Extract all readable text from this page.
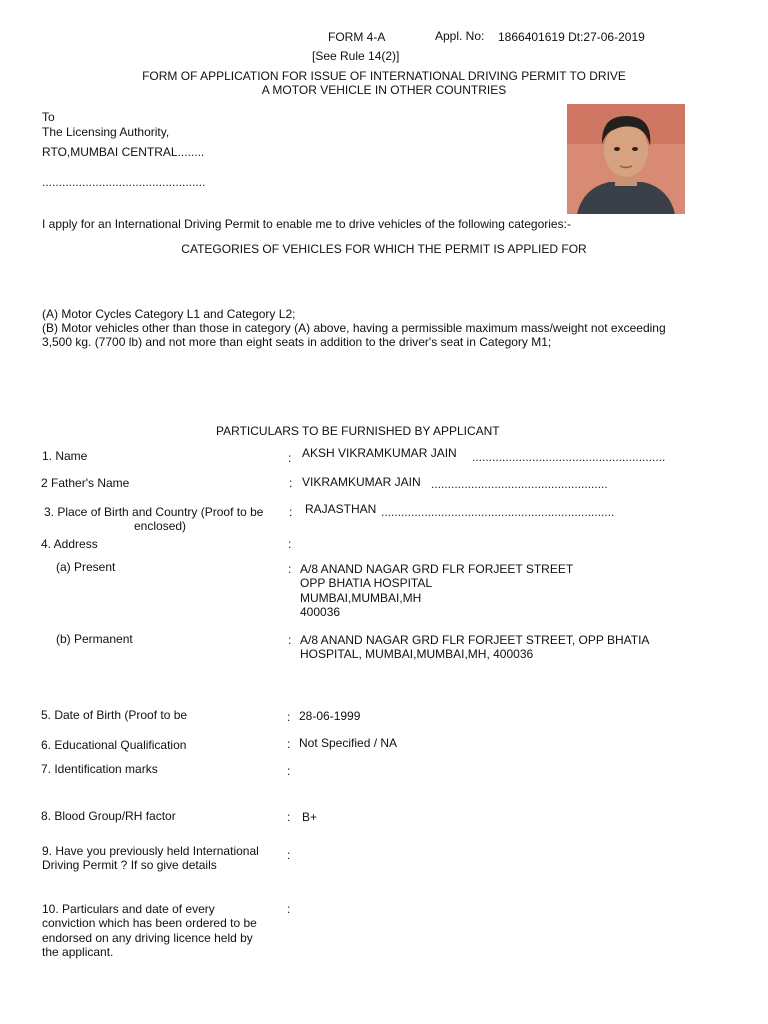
FORM 4-A	Appl. No: 1866401619 Dt:27-06-2019
[See Rule 14(2)]
FORM OF APPLICATION FOR ISSUE OF INTERNATIONAL DRIVING PERMIT TO DRIVE
A MOTOR VEHICLE IN OTHER COUNTRIES
To
The Licensing Authority,
RTO,MUMBAI CENTRAL........
.................................................
I apply for an International Driving Permit to enable me to drive vehicles of the following categories:-
CATEGORIES OF VEHICLES FOR WHICH THE PERMIT IS APPLIED FOR
(A) Motor Cycles Category L1 and Category L2;
(B) Motor vehicles other than those in category (A) above, having a permissible maximum mass/weight not exceeding
3,500 kg. (7700 lb) and not more than eight seats in addition to the driver's seat in Category M1;
PARTICULARS TO BE FURNISHED BY APPLICANT
1. Name	: AKSH VIKRAMKUMAR JAIN ..........................................................
2 Father's Name	: VIKRAMKUMAR JAIN .....................................................
3. Place of Birth and Country (Proof to be
enclosed)
: RAJASTHAN ......................................................................
4. Address	:
(a) Present	: A/8 ANAND NAGAR GRD FLR FORJEET STREET
OPP BHATIA HOSPITAL
MUMBAI,MUMBAI,MH
400036
(b) Permanent	: A/8 ANAND NAGAR GRD FLR FORJEET STREET, OPP BHATIA
HOSPITAL, MUMBAI,MUMBAI,MH, 400036
5. Date of Birth (Proof to be	: 28-06-1999
6. Educational Qualification	: Not Specified / NA
7. Identification marks	:
8. Blood Group/RH factor	: B+
9. Have you previously held International
Driving Permit ? If so give details
:
10. Particulars and date of every
conviction which has been ordered to be
endorsed on any driving licence held by
the applicant.
:
